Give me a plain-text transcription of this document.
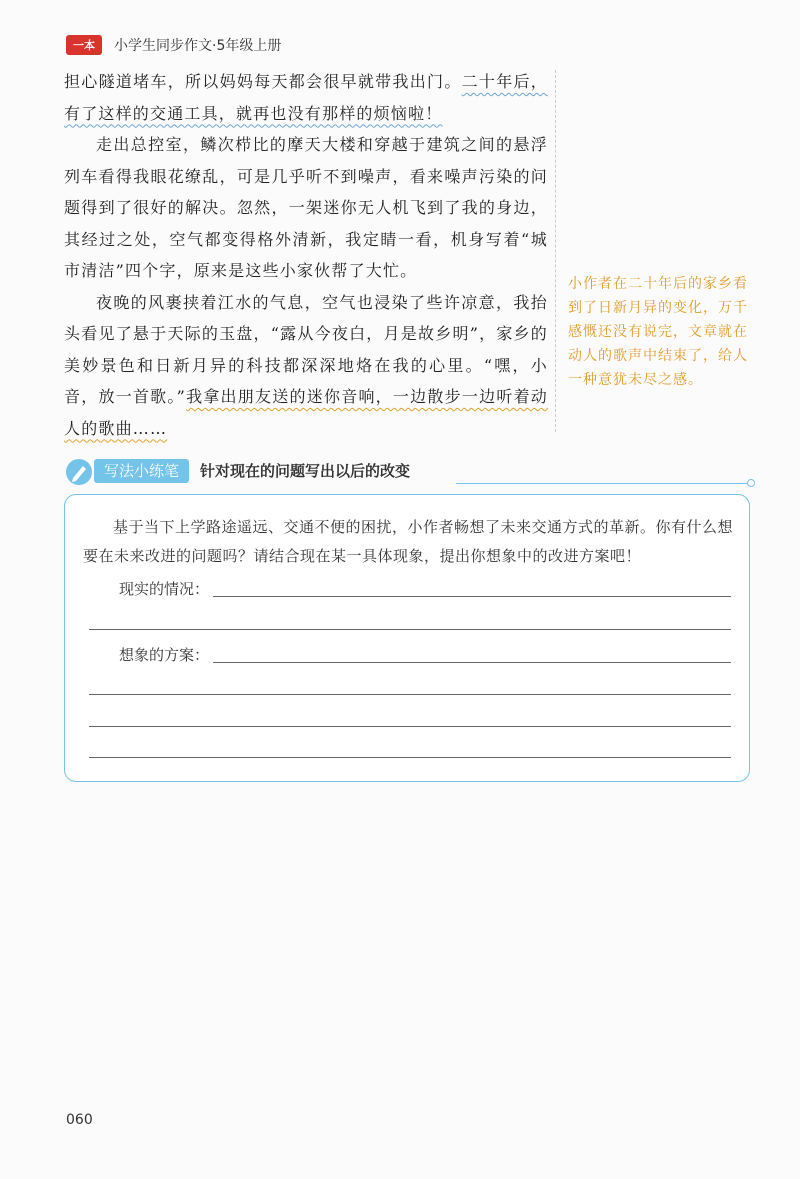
一本	小学生同步作文·5年级上册

担心隧道堵车，所以妈妈每天都会很早就带我出门。二十年后，有了这样的交通工具，就再也没有那样的烦恼啦！

走出总控室，鳞次栉比的摩天大楼和穿越于建筑之间的悬浮列车看得我眼花缭乱，可是几乎听不到噪声，看来噪声污染的问题得到了很好的解决。忽然，一架迷你无人机飞到了我的身边，其经过之处，空气都变得格外清新，我定睛一看，机身写着“城市清洁”四个字，原来是这些小家伙帮了大忙。

夜晚的风裹挟着江水的气息，空气也浸染了些许凉意，我抬头看见了悬于天际的玉盘，“露从今夜白，月是故乡明”，家乡的美妙景色和日新月异的科技都深深地烙在我的心里。“嘿，小音，放一首歌。”我拿出朋友送的迷你音响，一边散步一边听着动人的歌曲……

小作者在二十年后的家乡看到了日新月异的变化，万千感慨还没有说完，文章就在动人的歌声中结束了，给人一种意犹未尽之感。
写法小练笔	针对现在的问题写出以后的改变

基于当下上学路途遥远、交通不便的困扰，小作者畅想了未来交通方式的革新。你有什么想要在未来改进的问题吗？请结合现在某一具体现象，提出你想象中的改进方案吧！

现实的情况：
想象的方案：
060
